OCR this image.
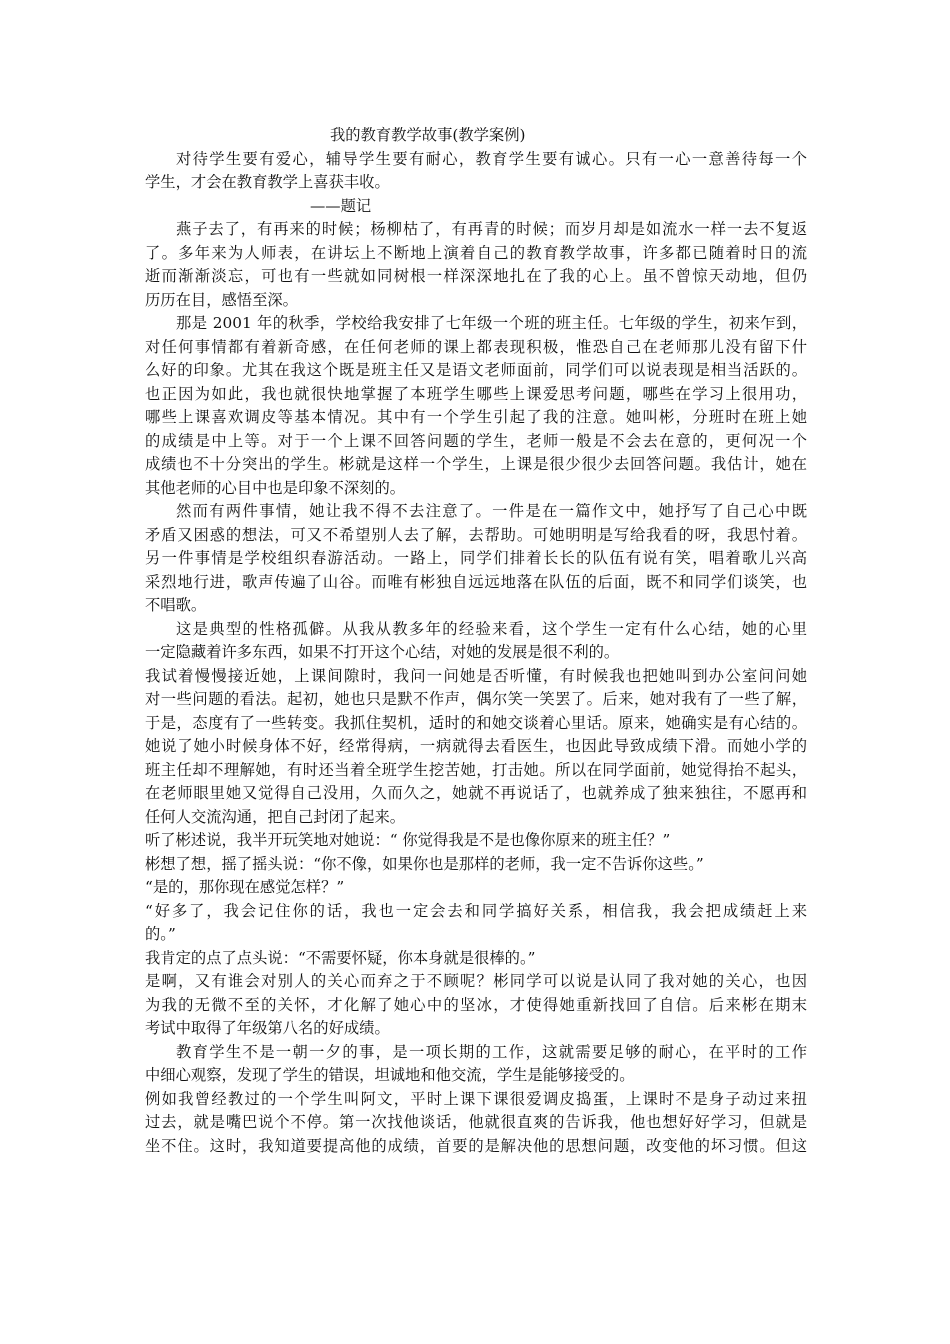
我的教育教学故事(教学案例)
对待学生要有爱心，辅导学生要有耐心，教育学生要有诚心。只有一心一意善待每一个
学生，才会在教育教学上喜获丰收。
——题记
燕子去了，有再来的时候；杨柳枯了，有再青的时候；而岁月却是如流水一样一去不复返
了。多年来为人师表，在讲坛上不断地上演着自己的教育教学故事，许多都已随着时日的流
逝而渐渐淡忘，可也有一些就如同树根一样深深地扎在了我的心上。虽不曾惊天动地，但仍
历历在目，感悟至深。
那是 2001 年的秋季，学校给我安排了七年级一个班的班主任。七年级的学生，初来乍到，
对任何事情都有着新奇感，在任何老师的课上都表现积极，惟恐自己在老师那儿没有留下什
么好的印象。尤其在我这个既是班主任又是语文老师面前，同学们可以说表现是相当活跃的。
也正因为如此，我也就很快地掌握了本班学生哪些上课爱思考问题，哪些在学习上很用功，
哪些上课喜欢调皮等基本情况。其中有一个学生引起了我的注意。她叫彬，分班时在班上她
的成绩是中上等。对于一个上课不回答问题的学生，老师一般是不会去在意的，更何况一个
成绩也不十分突出的学生。彬就是这样一个学生，上课是很少很少去回答问题。我估计，她在
其他老师的心目中也是印象不深刻的。
然而有两件事情，她让我不得不去注意了。一件是在一篇作文中，她抒写了自己心中既
矛盾又困惑的想法，可又不希望别人去了解，去帮助。可她明明是写给我看的呀，我思忖着。
另一件事情是学校组织春游活动。一路上，同学们排着长长的队伍有说有笑，唱着歌儿兴高
采烈地行进，歌声传遍了山谷。而唯有彬独自远远地落在队伍的后面，既不和同学们谈笑，也
不唱歌。
这是典型的性格孤僻。从我从教多年的经验来看，这个学生一定有什么心结，她的心里
一定隐藏着许多东西，如果不打开这个心结，对她的发展是很不利的。
我试着慢慢接近她，上课间隙时，我问一问她是否听懂，有时候我也把她叫到办公室问问她
对一些问题的看法。起初，她也只是默不作声，偶尔笑一笑罢了。后来，她对我有了一些了解，
于是，态度有了一些转变。我抓住契机，适时的和她交谈着心里话。原来，她确实是有心结的。
她说了她小时候身体不好，经常得病，一病就得去看医生，也因此导致成绩下滑。而她小学的
班主任却不理解她，有时还当着全班学生挖苦她，打击她。所以在同学面前，她觉得抬不起头，
在老师眼里她又觉得自己没用，久而久之，她就不再说话了，也就养成了独来独往，不愿再和
任何人交流沟通，把自己封闭了起来。
听了彬述说，我半开玩笑地对她说：“ 你觉得我是不是也像你原来的班主任？”
彬想了想，摇了摇头说：“你不像，如果你也是那样的老师，我一定不告诉你这些。”
“是的，那你现在感觉怎样？”
“好多了，我会记住你的话，我也一定会去和同学搞好关系，相信我，我会把成绩赶上来
的。”
我肯定的点了点头说：“不需要怀疑，你本身就是很棒的。”
是啊，又有谁会对别人的关心而弃之于不顾呢？彬同学可以说是认同了我对她的关心，也因
为我的无微不至的关怀，才化解了她心中的坚冰，才使得她重新找回了自信。后来彬在期末
考试中取得了年级第八名的好成绩。
教育学生不是一朝一夕的事，是一项长期的工作，这就需要足够的耐心，在平时的工作
中细心观察，发现了学生的错误，坦诚地和他交流，学生是能够接受的。
例如我曾经教过的一个学生叫阿文，平时上课下课很爱调皮捣蛋，上课时不是身子动过来扭
过去，就是嘴巴说个不停。第一次找他谈话，他就很直爽的告诉我，他也想好好学习，但就是
坐不住。这时，我知道要提高他的成绩，首要的是解决他的思想问题，改变他的坏习惯。但这
